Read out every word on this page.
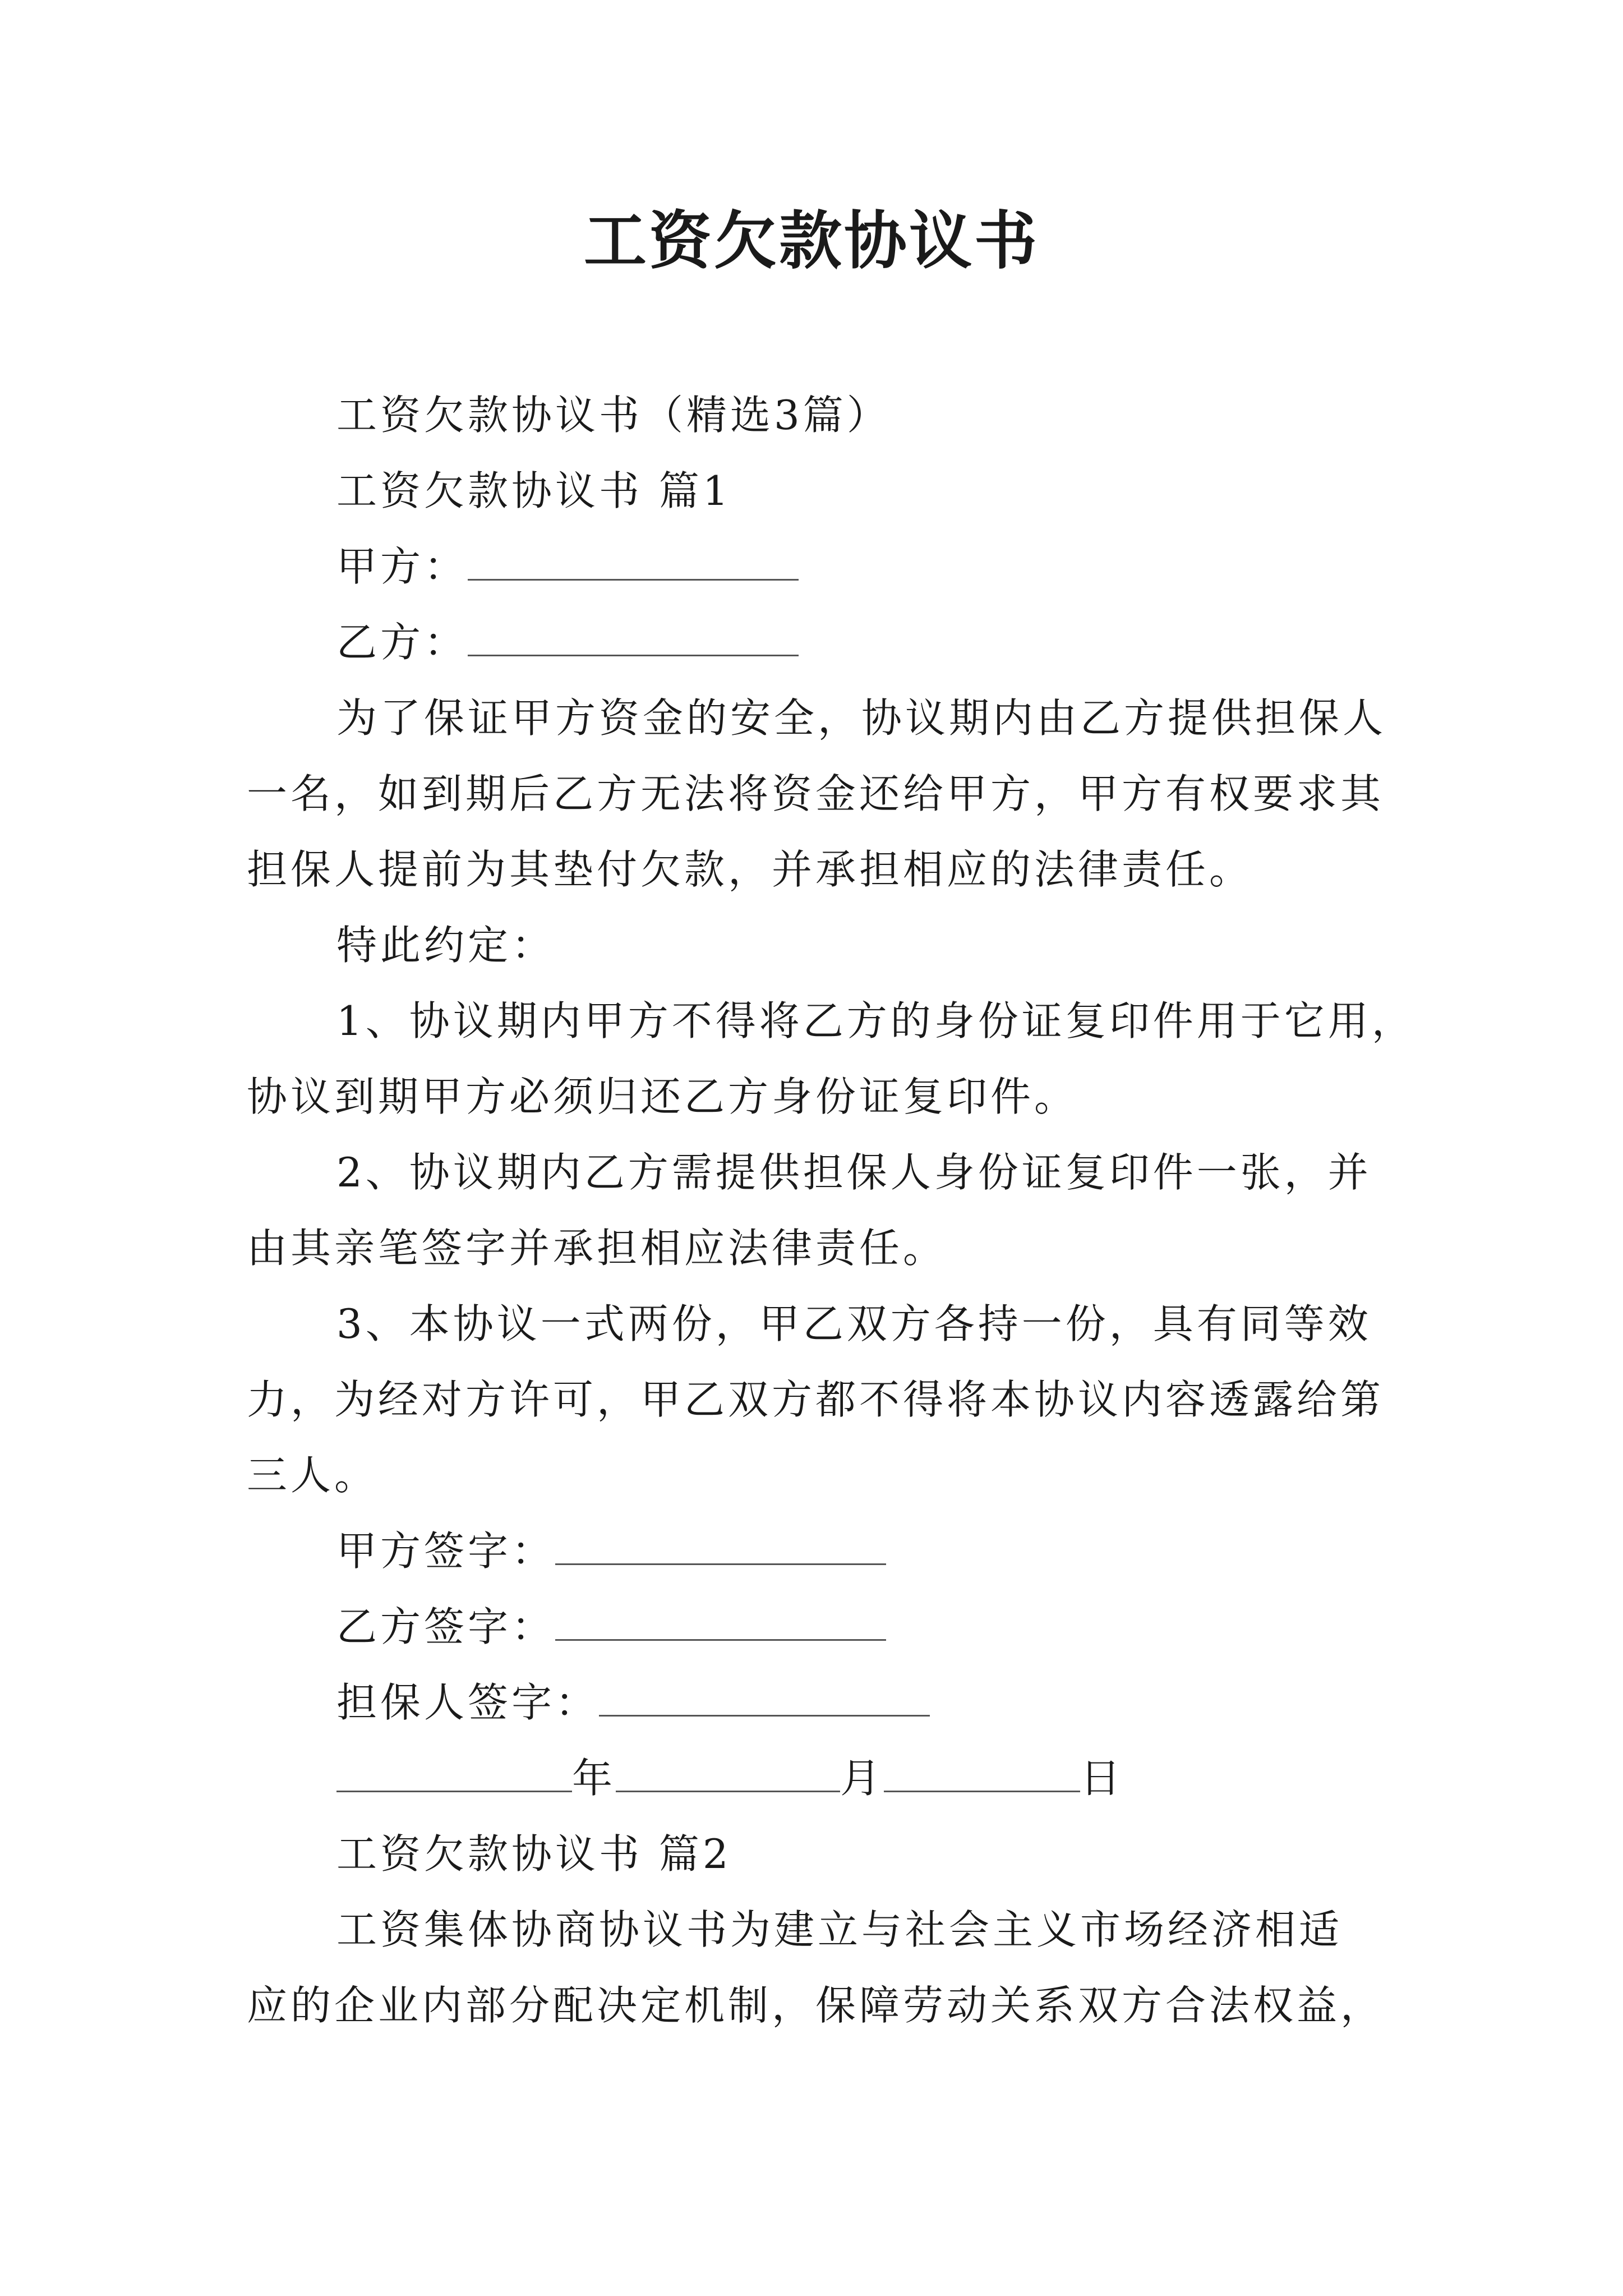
工资欠款协议书
工资欠款协议书（精选3篇）
工资欠款协议书 篇1
甲方：
乙方：
为了保证甲方资金的安全，协议期内由乙方提供担保人
一名，如到期后乙方无法将资金还给甲方，甲方有权要求其
担保人提前为其垫付欠款，并承担相应的法律责任。
特此约定：
1、协议期内甲方不得将乙方的身份证复印件用于它用，
协议到期甲方必须归还乙方身份证复印件。
2、协议期内乙方需提供担保人身份证复印件一张，并
由其亲笔签字并承担相应法律责任。
3、本协议一式两份，甲乙双方各持一份，具有同等效
力，为经对方许可，甲乙双方都不得将本协议内容透露给第
三人。
甲方签字：
乙方签字：
担保人签字：
年	月	日
工资欠款协议书 篇2
工资集体协商协议书为建立与社会主义市场经济相适
应的企业内部分配决定机制，保障劳动关系双方合法权益，
